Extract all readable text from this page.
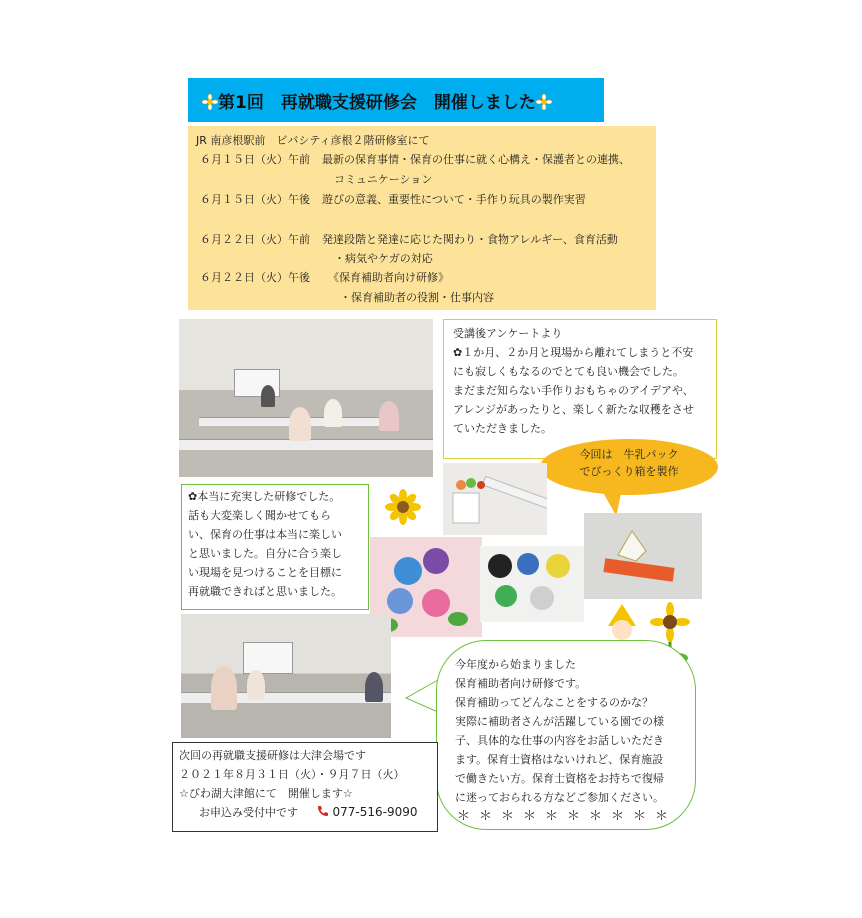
第1回　再就職支援研修会　開催しました
JR 南彦根駅前　ビバシティ彦根２階研修室にて
６月１５日（火）午前 最新の保育事情・保育の仕事に就く心構え・保護者との連携、
コミュニケーション
６月１５日（火）午後 遊びの意義、重要性について・手作り玩具の製作実習
６月２２日（火）午前 発達段階と発達に応じた関わり・食物アレルギー、食育活動
・病気やケガの対応
６月２２日（火）午後 《保育補助者向け研修》
・保育補助者の役割・仕事内容
受講後アンケートより
✿１か月、２か月と現場から離れてしまうと不安
にも寂しくもなるのでとても良い機会でした。
まだまだ知らない手作りおもちゃのアイデアや、
アレンジがあったりと、楽しく新たな収穫をさせ
ていただきました。
今回は　牛乳パック
でびっくり箱を製作
✿本当に充実した研修でした。
話も大変楽しく聞かせてもら
い、保育の仕事は本当に楽しい
と思いました。自分に合う楽し
い現場を見つけることを目標に
再就職できればと思いました。
今年度から始まりました
保育補助者向け研修です。
保育補助ってどんなことをするのかな？
実際に補助者さんが活躍している園での様
子、具体的な仕事の内容をお話しいただき
ます。保育士資格はないけれど、保育施設
で働きたい方。保育士資格をお持ちで復帰
に迷っておられる方などご参加ください。
＊＊＊＊＊＊＊＊＊＊
次回の再就職支援研修は大津会場です
２０２１年８月３１日（火）・９月７日（火）
☆びわ湖大津館にて　開催します☆
お申込み受付中です	077-516-9090
